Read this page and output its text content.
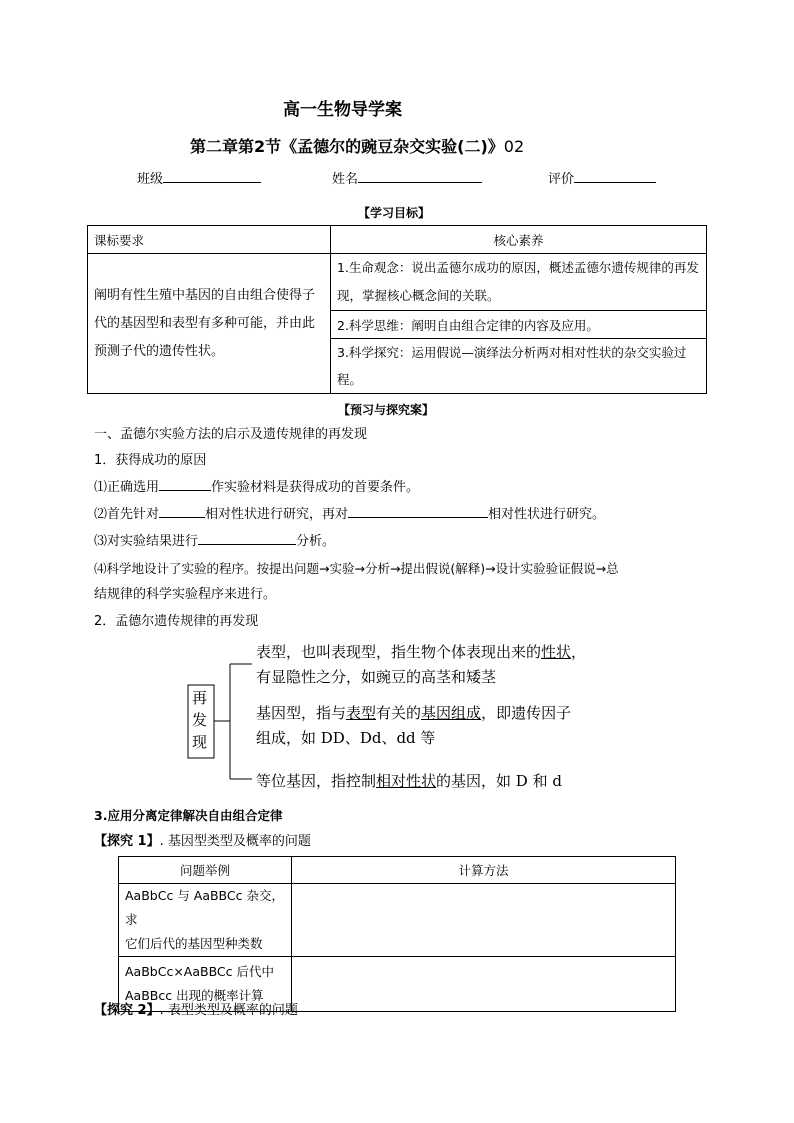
高一生物导学案
第二章第2节《孟德尔的豌豆杂交实验(二)》02
班级	姓名	评价
【学习目标】
课标要求	核心素养
阐明有性生殖中基因的自由组合使得子代的基因型和表型有多种可能，并由此预测子代的遗传性状。	1.生命观念：说出孟德尔成功的原因，概述孟德尔遗传规律的再发现，掌握核心概念间的关联。
	2.科学思维：阐明自由组合定律的内容及应用。
	3.科学探究：运用假说—演绎法分析两对相对性状的杂交实验过程。
【预习与探究案】
一、孟德尔实验方法的启示及遗传规律的再发现
1．获得成功的原因
⑴正确选用	作实验材料是获得成功的首要条件。
⑵首先针对	相对性状进行研究，再对	相对性状进行研究。
⑶对实验结果进行	分析。
⑷科学地设计了实验的程序。按提出问题→实验→分析→提出假说(解释)→设计实验验证假说→总
结规律的科学实验程序来进行。
2．孟德尔遗传规律的再发现
再
发
现
表型，也叫表现型，指生物个体表现出来的性状，
有显隐性之分，如豌豆的高茎和矮茎
基因型，指与表型有关的基因组成，即遗传因子
组成，如 DD、Dd、dd 等
等位基因，指控制相对性状的基因，如 D 和 d
3.应用分离定律解决自由组合定律
【探究 1】. 基因型类型及概率的问题
问题举例	计算方法

AaBbCc 与 AaBBCc 杂交，求
它们后代的基因型种类数	

AaBbCc×AaBBCc 后代中
AaBBcc 出现的概率计算	

【探究 2】. 表型类型及概率的问题
